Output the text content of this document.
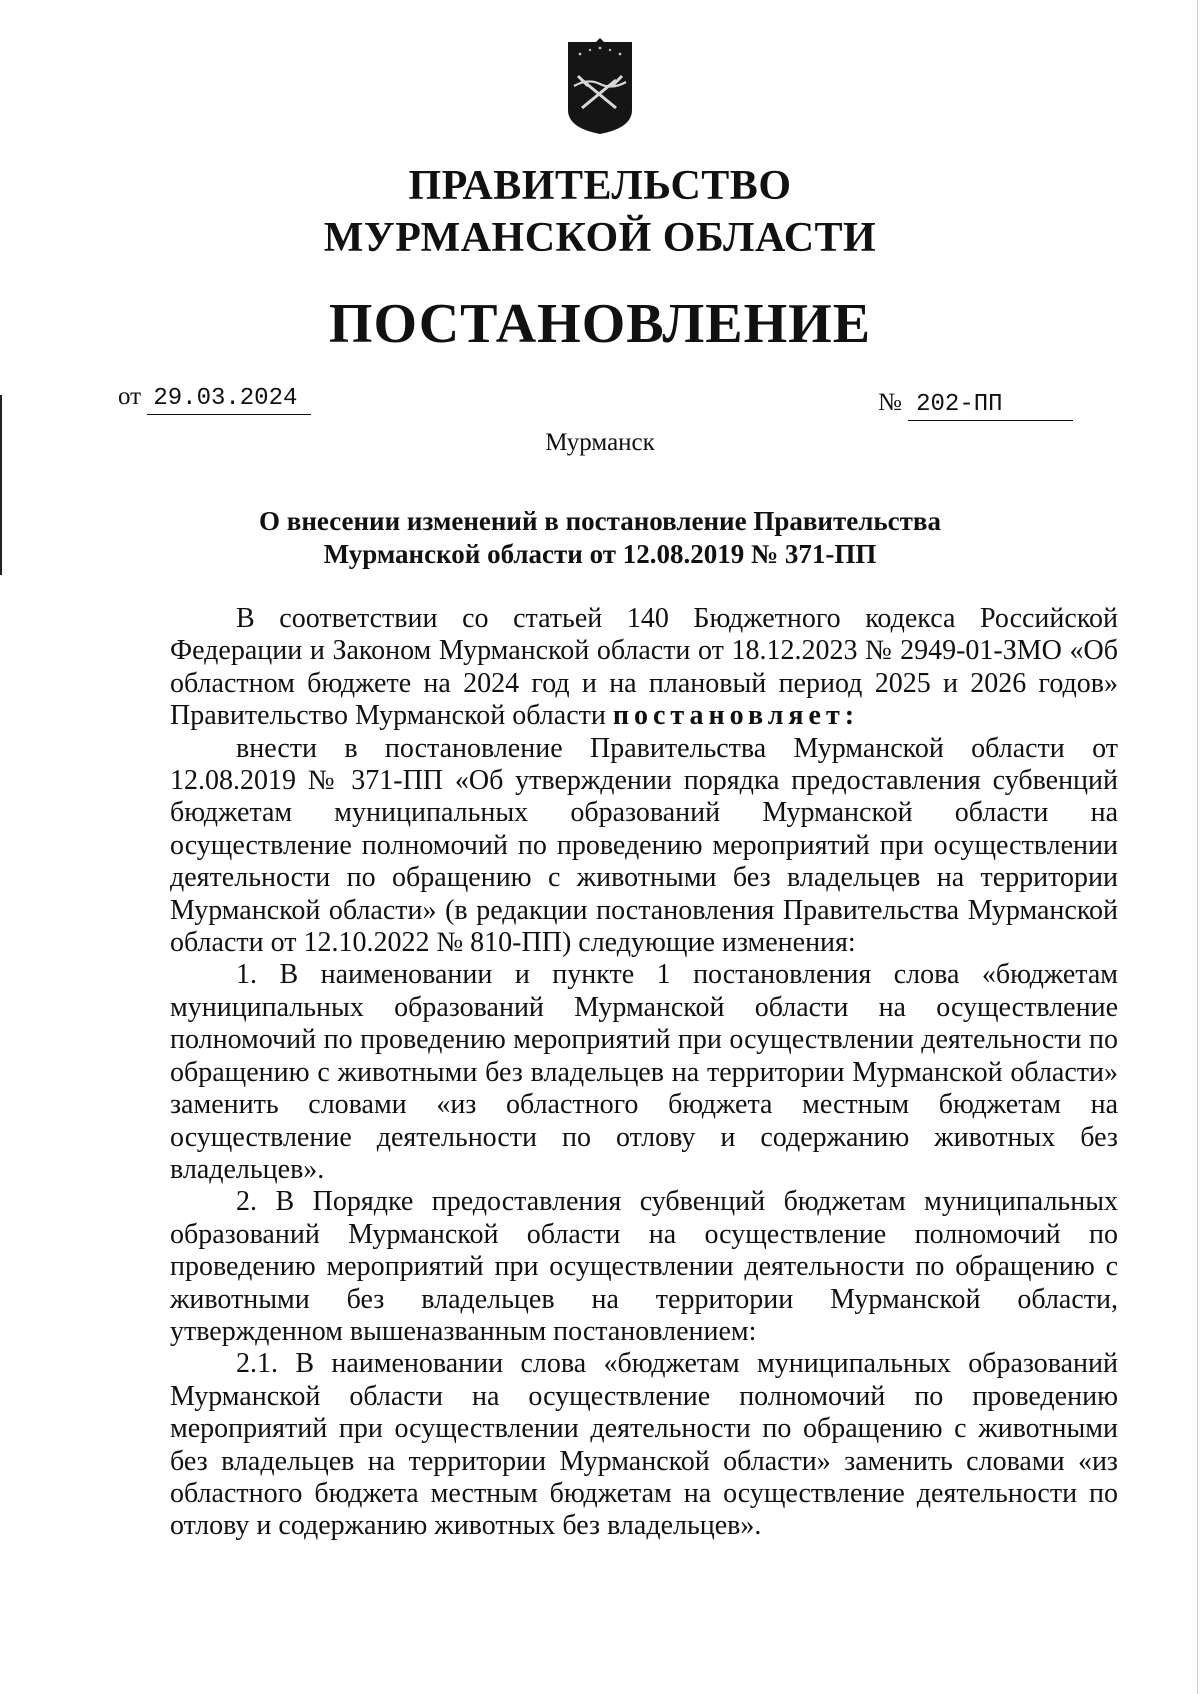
ПРАВИТЕЛЬСТВО
МУРМАНСКОЙ ОБЛАСТИ
ПОСТАНОВЛЕНИЕ
от 29.03.2024	№ 202-ПП
Мурманск
О внесении изменений в постановление Правительства
Мурманской области от 12.08.2019 № 371-ПП

В соответствии со статьей 140 Бюджетного кодекса Российской Федерации и Законом Мурманской области от 18.12.2023 № 2949-01-ЗМО «Об областном бюджете на 2024 год и на плановый период 2025 и 2026 годов» Правительство Мурманской области постановляет:

внести в постановление Правительства Мурманской области от 12.08.2019 № 371-ПП «Об утверждении порядка предоставления субвенций бюджетам муниципальных образований Мурманской области на осуществление полномочий по проведению мероприятий при осуществлении деятельности по обращению с животными без владельцев на территории Мурманской области» (в редакции постановления Правительства Мурманской области от 12.10.2022 № 810-ПП) следующие изменения:

1. В наименовании и пункте 1 постановления слова «бюджетам муниципальных образований Мурманской области на осуществление полномочий по проведению мероприятий при осуществлении деятельности по обращению с животными без владельцев на территории Мурманской области» заменить словами «из областного бюджета местным бюджетам на осуществление деятельности по отлову и содержанию животных без владельцев».

2. В Порядке предоставления субвенций бюджетам муниципальных образований Мурманской области на осуществление полномочий по проведению мероприятий при осуществлении деятельности по обращению с животными без владельцев на территории Мурманской области, утвержденном вышеназванным постановлением:

2.1. В наименовании слова «бюджетам муниципальных образований Мурманской области на осуществление полномочий по проведению мероприятий при осуществлении деятельности по обращению с животными без владельцев на территории Мурманской области» заменить словами «из областного бюджета местным бюджетам на осуществление деятельности по отлову и содержанию животных без владельцев».
